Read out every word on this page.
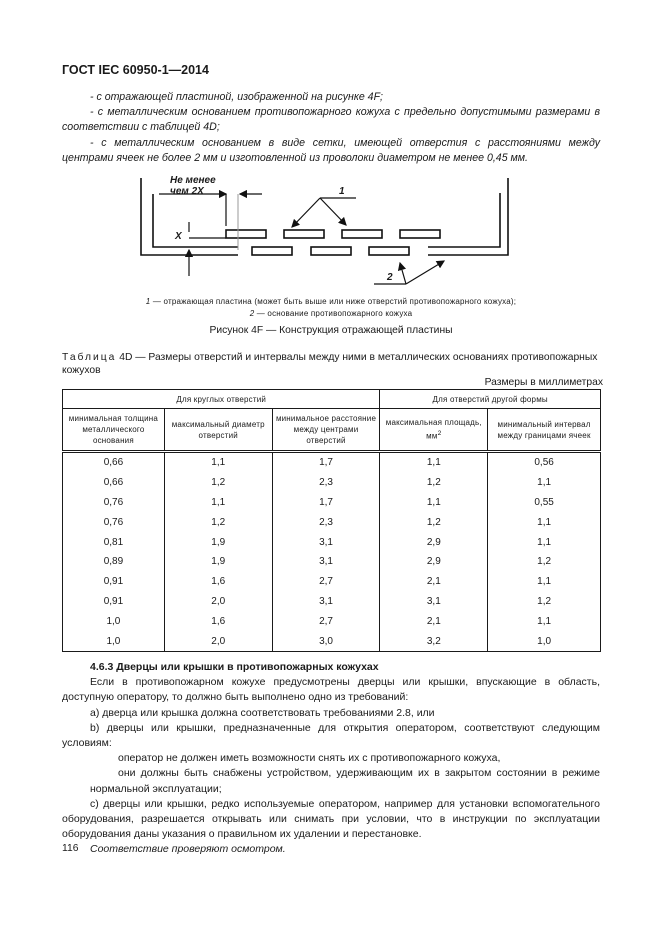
ГОСТ IEC 60950-1—2014

- с отражающей пластиной, изображенной на рисунке 4F;

- с металлическим основанием противопожарного кожуха с предельно допустимыми размерами в соответствии с таблицей 4D;

- с металлическим основанием в виде сетки, имеющей отверстия с расстояниями между центрами ячеек не более 2 мм и изготовленной из проволоки диаметром не менее 0,45 мм.

Не менее
чем 2X
X
1
2
1 — отражающая пластина (может быть выше или ниже отверстий противопожарного кожуха);
2 — основание противопожарного кожуха
Рисунок 4F — Конструкция отражающей пластины
Таблица 4D — Размеры отверстий и интервалы между ними в металлических основаниях противопожарных кожухов
Размеры в миллиметрах
Для круглых отверстий			Для отверстий другой формы	
минимальная толщина металлического основания	максимальный диаметр отверстий	минимальное расстояние между центрами отверстий	максимальная площадь, $мм^2$	минимальный интервал между границами ячеек
0,66	1,1	1,7	1,1	0,56
0,66	1,2	2,3	1,2	1,1
0,76	1,1	1,7	1,1	0,55
0,76	1,2	2,3	1,2	1,1
0,81	1,9	3,1	2,9	1,1
0,89	1,9	3,1	2,9	1,2
0,91	1,6	2,7	2,1	1,1
0,91	2,0	3,1	3,1	1,2
1,0	1,6	2,7	2,1	1,1
1,0	2,0	3,0	3,2	1,0

4.6.3 Дверцы или крышки в противопожарных кожухах

Если в противопожарном кожухе предусмотрены дверцы или крышки, впускающие в область, доступную оператору, то должно быть выполнено одно из требований:

a) дверца или крышка должна соответствовать требованиями 2.8, или

b) дверцы или крышки, предназначенные для открытия оператором, соответствуют следующим условиям:

оператор не должен иметь возможности снять их с противопожарного кожуха,

они должны быть снабжены устройством, удерживающим их в закрытом состоянии в режиме нормальной эксплуатации;

c) дверцы или крышки, редко используемые оператором, например для установки вспомогательного оборудования, разрешается открывать или снимать при условии, что в инструкции по эксплуатации оборудования даны указания о правильном их удалении и перестановке.

Соответствие проверяют осмотром.

116
